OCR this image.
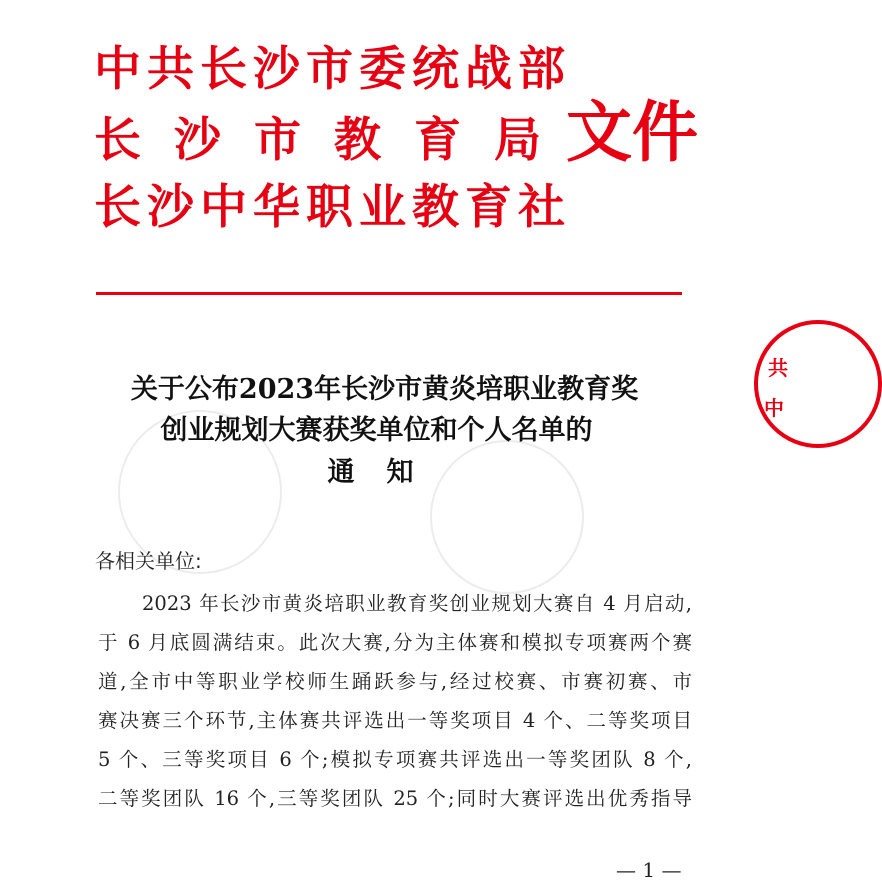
共
中
中共长沙市委统战部
长沙市教育局
长沙中华职业教育社
文件
关于公布2023年长沙市黄炎培职业教育奖
创业规划大赛获奖单位和个人名单的
通知
各相关单位:
2023 年长沙市黄炎培职业教育奖创业规划大赛自 4 月启动,
于 6 月底圆满结束。此次大赛,分为主体赛和模拟专项赛两个赛
道,全市中等职业学校师生踊跃参与,经过校赛、市赛初赛、市
赛决赛三个环节,主体赛共评选出一等奖项目 4 个、二等奖项目
5 个、三等奖项目 6 个;模拟专项赛共评选出一等奖团队 8 个,
二等奖团队 16 个,三等奖团队 25 个;同时大赛评选出优秀指导
— 1 —
